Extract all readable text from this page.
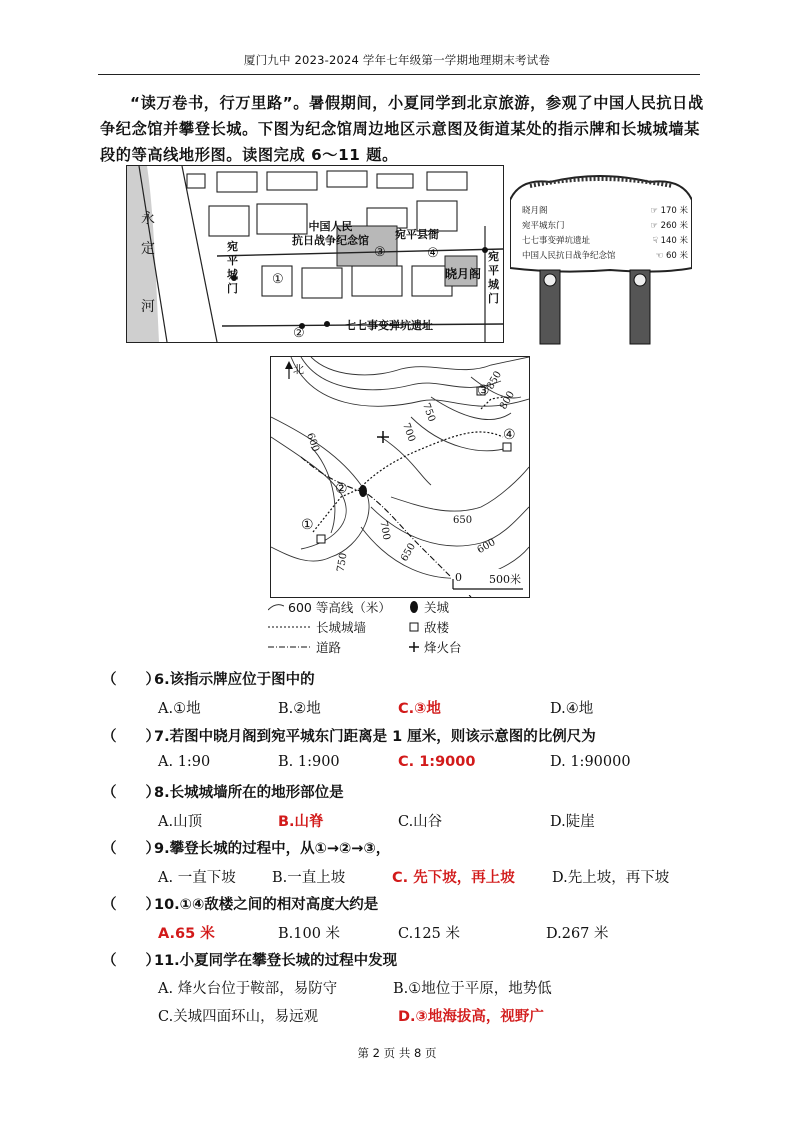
厦门九中 2023-2024 学年七年级第一学期地理期末考试卷
“读万卷书，行万里路”。暑假期间，小夏同学到北京旅游，参观了中国人民抗日战争纪念馆并攀登长城。下图为纪念馆周边地区示意图及街道某处的指示牌和长城城墙某段的等高线地形图。读图完成 6～11 题。
永
定
河
中国人民
抗日战争纪念馆 宛平县衙
宛
平
城
门
宛
平
城
门
晓月阁
七七事变弹坑遗址
①
②
③	④
晓月阁	☞ 170 米
宛平城东门	☞ 260 米
七七事变弹坑遗址	☟ 140 米
中国人民抗日战争纪念馆	☜ 60 米
北	850
800
750
700
600
700	650
600
650
750
①
②
③
④
0 500米
600 等高线（米）	关城
长城城墙	敌楼
道路	烽火台
（　　）6.该指示牌应位于图中的
A.①地	B.②地	C.③地	D.④地
（　　）7.若图中晓月阁到宛平城东门距离是 1 厘米，则该示意图的比例尺为
A. 1:90	B. 1:900	C. 1:9000	D. 1:90000
（　　）8.长城城墙所在的地形部位是
A.山顶	B.山脊	C.山谷	D.陡崖
（　　）9.攀登长城的过程中，从①→②→③，
A. 一直下坡	B.一直上坡	C. 先下坡，再上坡	D.先上坡，再下坡
（　　）10.①④敌楼之间的相对高度大约是
A.65 米	B.100 米	C.125 米	D.267 米
（　　）11.小夏同学在攀登长城的过程中发现
A. 烽火台位于鞍部，易防守	B.①地位于平原，地势低
C.关城四面环山，易远观	D.③地海拔高，视野广
第 2 页 共 8 页
